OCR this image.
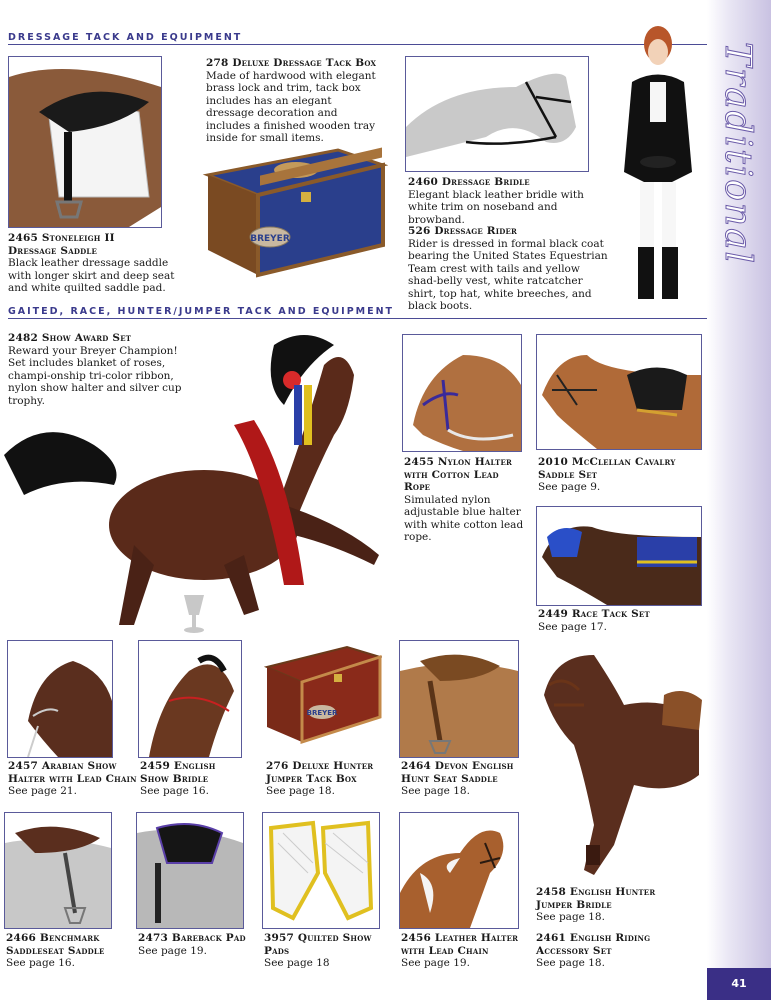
DRESSAGE TACK AND EQUIPMENT
GAITED, RACE, HUNTER/JUMPER TACK AND EQUIPMENT
Traditional
41
2465 Stoneleigh II
Dressage Saddle
Black leather dressage saddle with longer skirt and deep seat and white quilted saddle pad.
278 Deluxe Dressage Tack Box
Made of hardwood with elegant brass lock and trim, tack box includes has an elegant dressage decoration and includes a finished wooden tray inside for small items.
BREYER
2460 Dressage Bridle
Elegant black leather bridle with white trim on noseband and browband.
526 Dressage Rider
Rider is dressed in formal black coat bearing the United States Equestrian Team crest with tails and yellow shad-belly vest, white ratcatcher shirt, top hat, white breeches, and black boots.
2482 Show Award Set
Reward your Breyer Champion! Set includes blanket of roses, champi-onship tri-color ribbon, nylon show halter and silver cup trophy.
2455 Nylon Halter
with Cotton Lead
Rope
Simulated nylon adjustable blue halter with white cotton lead rope.
2010 McClellan Cavalry
Saddle Set
See page 9.
2449 Race Tack Set
See page 17.
2457 Arabian Show
Halter with Lead Chain
See page 21.
2459 English
Show Bridle
See page 16.
BREYER
276 Deluxe Hunter
Jumper Tack Box
See page 18.
2464 Devon English
Hunt Seat Saddle
See page 18.
2458 English Hunter
Jumper Bridle
See page 18.
2466 Benchmark
Saddleseat Saddle
See page 16.
2473 Bareback Pad
See page 19.
3957 Quilted Show
Pads
See page 18
2456 Leather Halter
with Lead Chain
See page 19.
2461 English Riding
Accessory Set
See page 18.
